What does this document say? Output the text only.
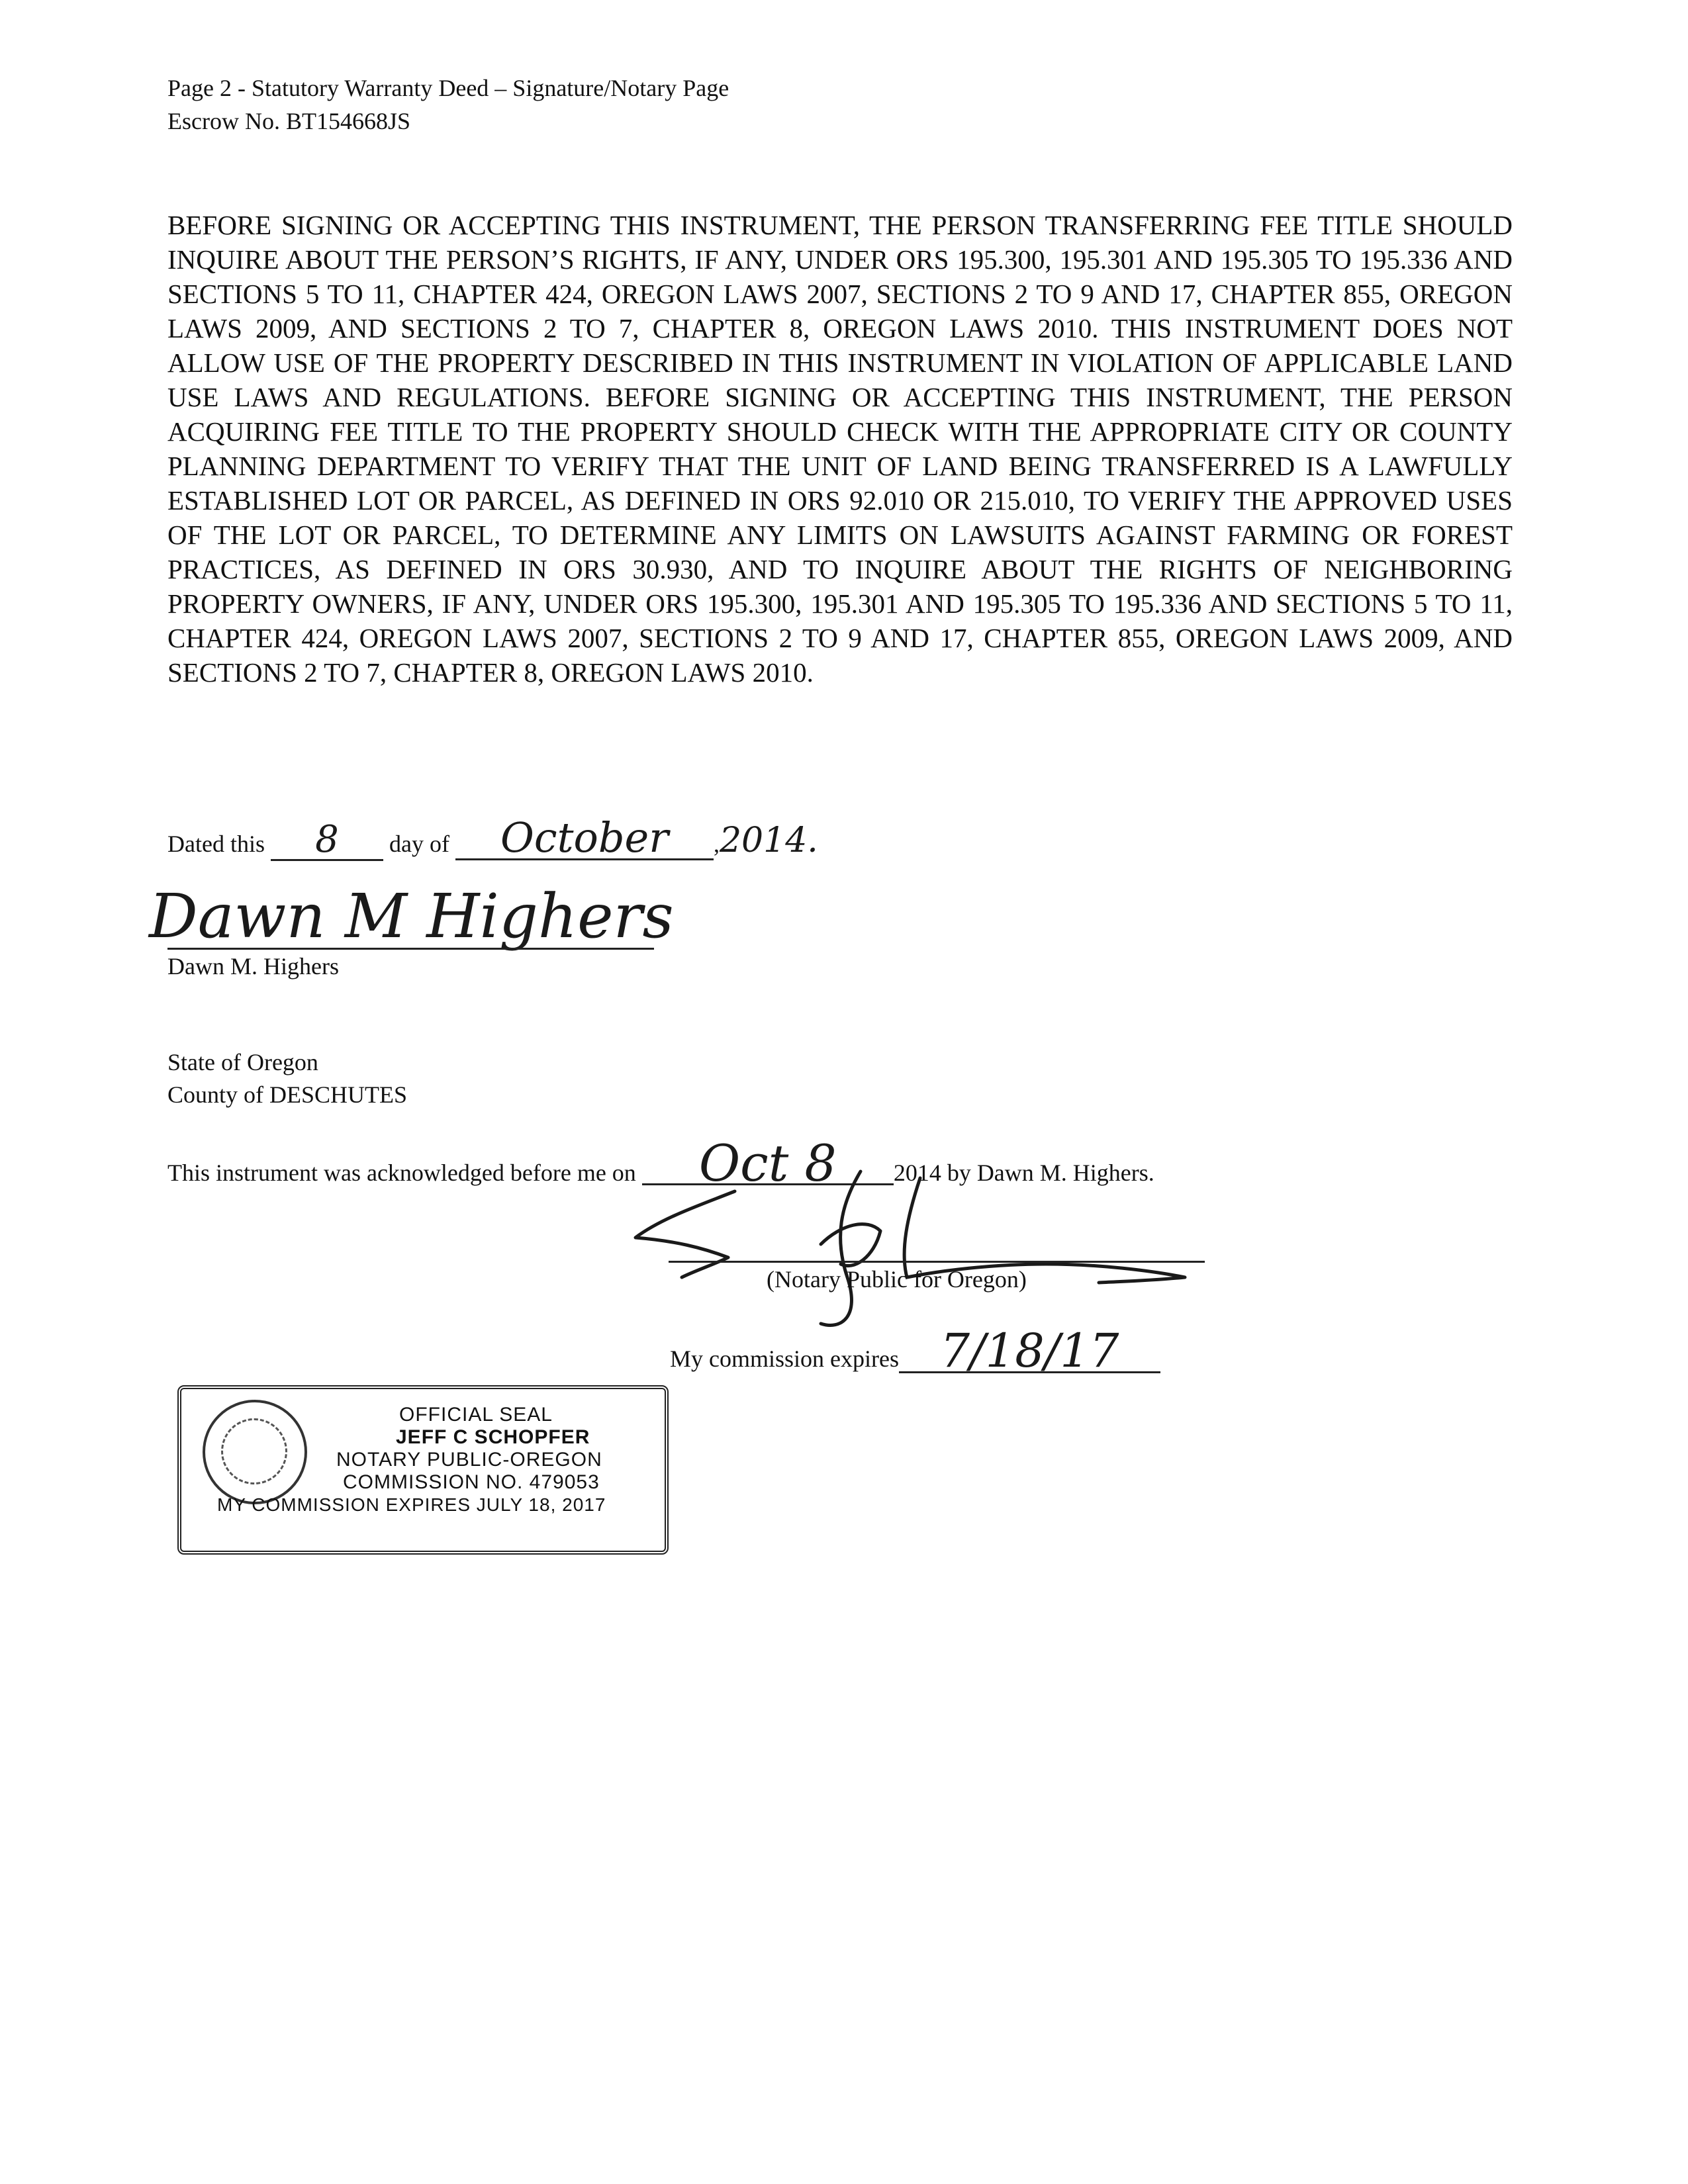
Page 2 - Statutory Warranty Deed – Signature/Notary Page
Escrow No. BT154668JS
BEFORE SIGNING OR ACCEPTING THIS INSTRUMENT, THE PERSON TRANSFERRING FEE TITLE SHOULD INQUIRE ABOUT THE PERSON’S RIGHTS, IF ANY, UNDER ORS 195.300, 195.301 AND 195.305 TO 195.336 AND SECTIONS 5 TO 11, CHAPTER 424, OREGON LAWS 2007, SECTIONS 2 TO 9 AND 17, CHAPTER 855, OREGON LAWS 2009, AND SECTIONS 2 TO 7, CHAPTER 8, OREGON LAWS 2010. THIS INSTRUMENT DOES NOT ALLOW USE OF THE PROPERTY DESCRIBED IN THIS INSTRUMENT IN VIOLATION OF APPLICABLE LAND USE LAWS AND REGULATIONS. BEFORE SIGNING OR ACCEPTING THIS INSTRUMENT, THE PERSON ACQUIRING FEE TITLE TO THE PROPERTY SHOULD CHECK WITH THE APPROPRIATE CITY OR COUNTY PLANNING DEPARTMENT TO VERIFY THAT THE UNIT OF LAND BEING TRANSFERRED IS A LAWFULLY ESTABLISHED LOT OR PARCEL, AS DEFINED IN ORS 92.010 OR 215.010, TO VERIFY THE APPROVED USES OF THE LOT OR PARCEL, TO DETERMINE ANY LIMITS ON LAWSUITS AGAINST FARMING OR FOREST PRACTICES, AS DEFINED IN ORS 30.930, AND TO INQUIRE ABOUT THE RIGHTS OF NEIGHBORING PROPERTY OWNERS, IF ANY, UNDER ORS 195.300, 195.301 AND 195.305 TO 195.336 AND SECTIONS 5 TO 11, CHAPTER 424, OREGON LAWS 2007, SECTIONS 2 TO 9 AND 17, CHAPTER 855, OREGON LAWS 2009, AND SECTIONS 2 TO 7, CHAPTER 8, OREGON LAWS 2010.
Dated this 8 day of October ,2014.
Dawn M Highers
Dawn M. Highers
State of Oregon
County of DESCHUTES
This instrument was acknowledged before me on Oct 8 2014 by Dawn M. Highers.
(Notary Public for Oregon)
My commission expires 7/18/17
OFFICIAL SEAL
JEFF C SCHOPFER
NOTARY PUBLIC-OREGON
COMMISSION NO. 479053
MY COMMISSION EXPIRES JULY 18, 2017
